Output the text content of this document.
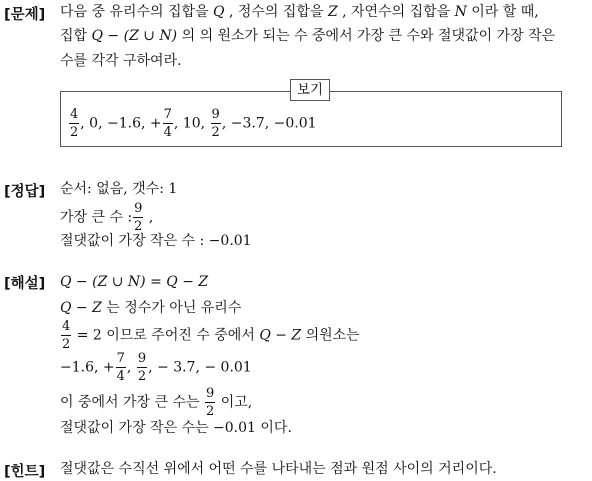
[문제] 다음 중 유리수의 집합을 Q , 정수의 집합을 Z , 자연수의 집합을 N 이라 할 때,
집합 Q − (Z ∪ N) 의 의 원소가 되는 수 중에서 가장 큰 수와 절댓값이 가장 작은
수를 각각 구하여라.
보기
$\frac{4}{2}$ , 0, −1.6, + $\frac{7}{4}$ , 10, $\frac{9}{2}$ , −3.7, −0.01
[정답] 순서: 없음, 갯수: 1
가장 큰 수 : $\frac{9}{2}$ ,
절댓값이 가장 작은 수 : −0.01
[해설] Q − (Z ∪ N) = Q − Z
Q − Z 는 정수가 아닌 유리수
$\frac{4}{2} = 2$ 이므로 주어진 수 중에서 Q − Z 의원소는
−1.6, + $\frac{7}{4}$ , $\frac{9}{2}$ , − 3.7, − 0.01
이 중에서 가장 큰 수는 $\frac{9}{2}$ 이고,
절댓값이 가장 작은 수는 −0.01 이다.
[힌트] 절댓값은 수직선 위에서 어떤 수를 나타내는 점과 원점 사이의 거리이다.
